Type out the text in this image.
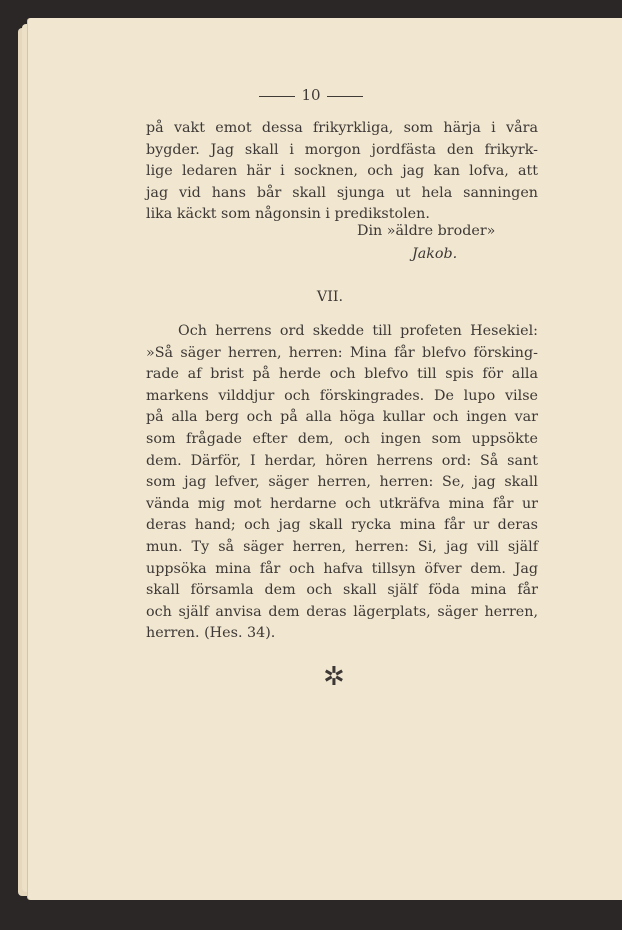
10
på vakt emot dessa frikyrkliga, som härja i våra
bygder. Jag skall i morgon jordfästa den frikyrk-
lige ledaren här i socknen, och jag kan lofva, att
jag vid hans bår skall sjunga ut hela sanningen
lika käckt som någonsin i predikstolen.
Din »äldre broder»
Jakob.
VII.
Och herrens ord skedde till profeten Hesekiel:
»Så säger herren, herren: Mina får blefvo försking-
rade af brist på herde och blefvo till spis för alla
markens vilddjur och förskingrades. De lupo vilse
på alla berg och på alla höga kullar och ingen var
som frågade efter dem, och ingen som uppsökte
dem. Därför, I herdar, hören herrens ord: Så sant
som jag lefver, säger herren, herren: Se, jag skall
vända mig mot herdarne och utkräfva mina får ur
deras hand; och jag skall rycka mina får ur deras
mun. Ty så säger herren, herren: Si, jag vill själf
uppsöka mina får och hafva tillsyn öfver dem. Jag
skall församla dem och skall själf föda mina får
och själf anvisa dem deras lägerplats, säger herren,
herren. (Hes. 34).
✲
